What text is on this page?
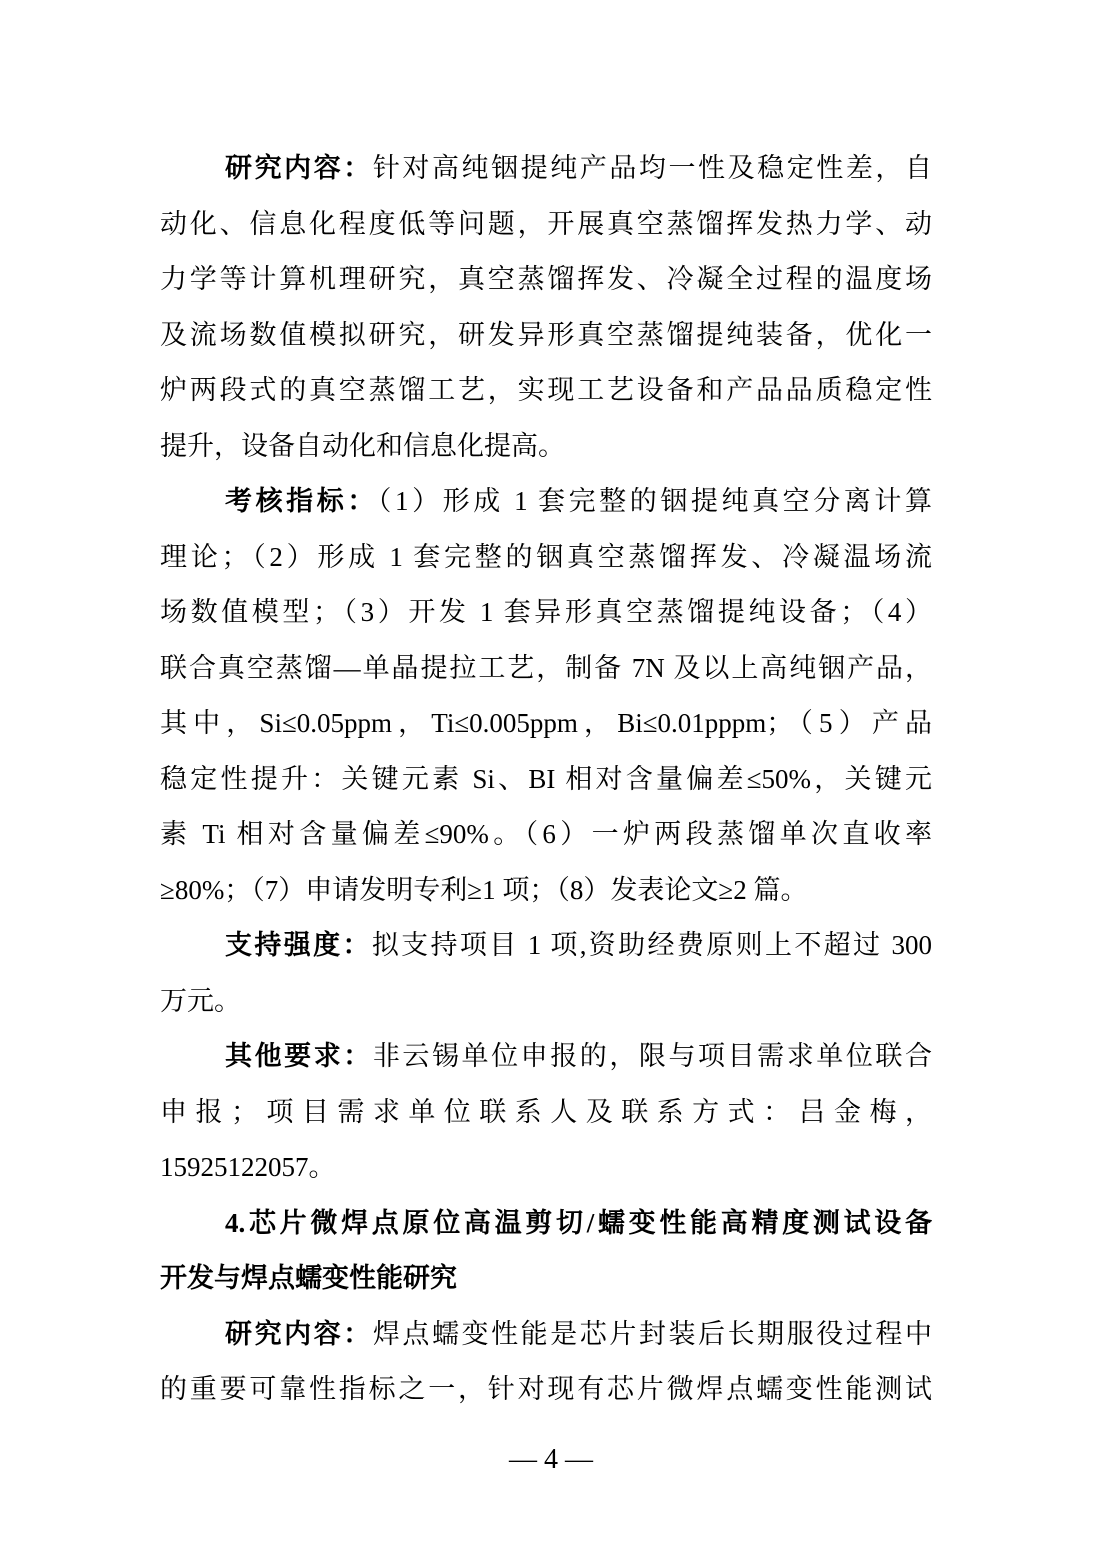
研究内容：针对高纯铟提纯产品均一性及稳定性差，自
动化、信息化程度低等问题，开展真空蒸馏挥发热力学、动
力学等计算机理研究，真空蒸馏挥发、冷凝全过程的温度场
及流场数值模拟研究，研发异形真空蒸馏提纯装备，优化一
炉两段式的真空蒸馏工艺，实现工艺设备和产品品质稳定性
提升，设备自动化和信息化提高。
考核指标：（1）形成 1 套完整的铟提纯真空分离计算
理论；（2）形成 1 套完整的铟真空蒸馏挥发、冷凝温场流
场数值模型；（3）开发 1 套异形真空蒸馏提纯设备；（4）
联合真空蒸馏—单晶提拉工艺，制备 7N 及以上高纯铟产品，
其中，Si≤0.05ppm，Ti≤0.005ppm，Bi≤0.01pppm；（5）产品
稳定性提升：关键元素 Si、BI 相对含量偏差≤50%，关键元
素 Ti 相对含量偏差≤90%。（6）一炉两段蒸馏单次直收率
≥80%；（7）申请发明专利≥1 项；（8）发表论文≥2 篇。
支持强度：拟支持项目 1 项,资助经费原则上不超过 300
万元。
其他要求：非云锡单位申报的，限与项目需求单位联合
申报；项目需求单位联系人及联系方式：吕金梅，
15925122057。
4.芯片微焊点原位高温剪切/蠕变性能高精度测试设备
开发与焊点蠕变性能研究
研究内容：焊点蠕变性能是芯片封装后长期服役过程中
的重要可靠性指标之一，针对现有芯片微焊点蠕变性能测试
— 4 —
